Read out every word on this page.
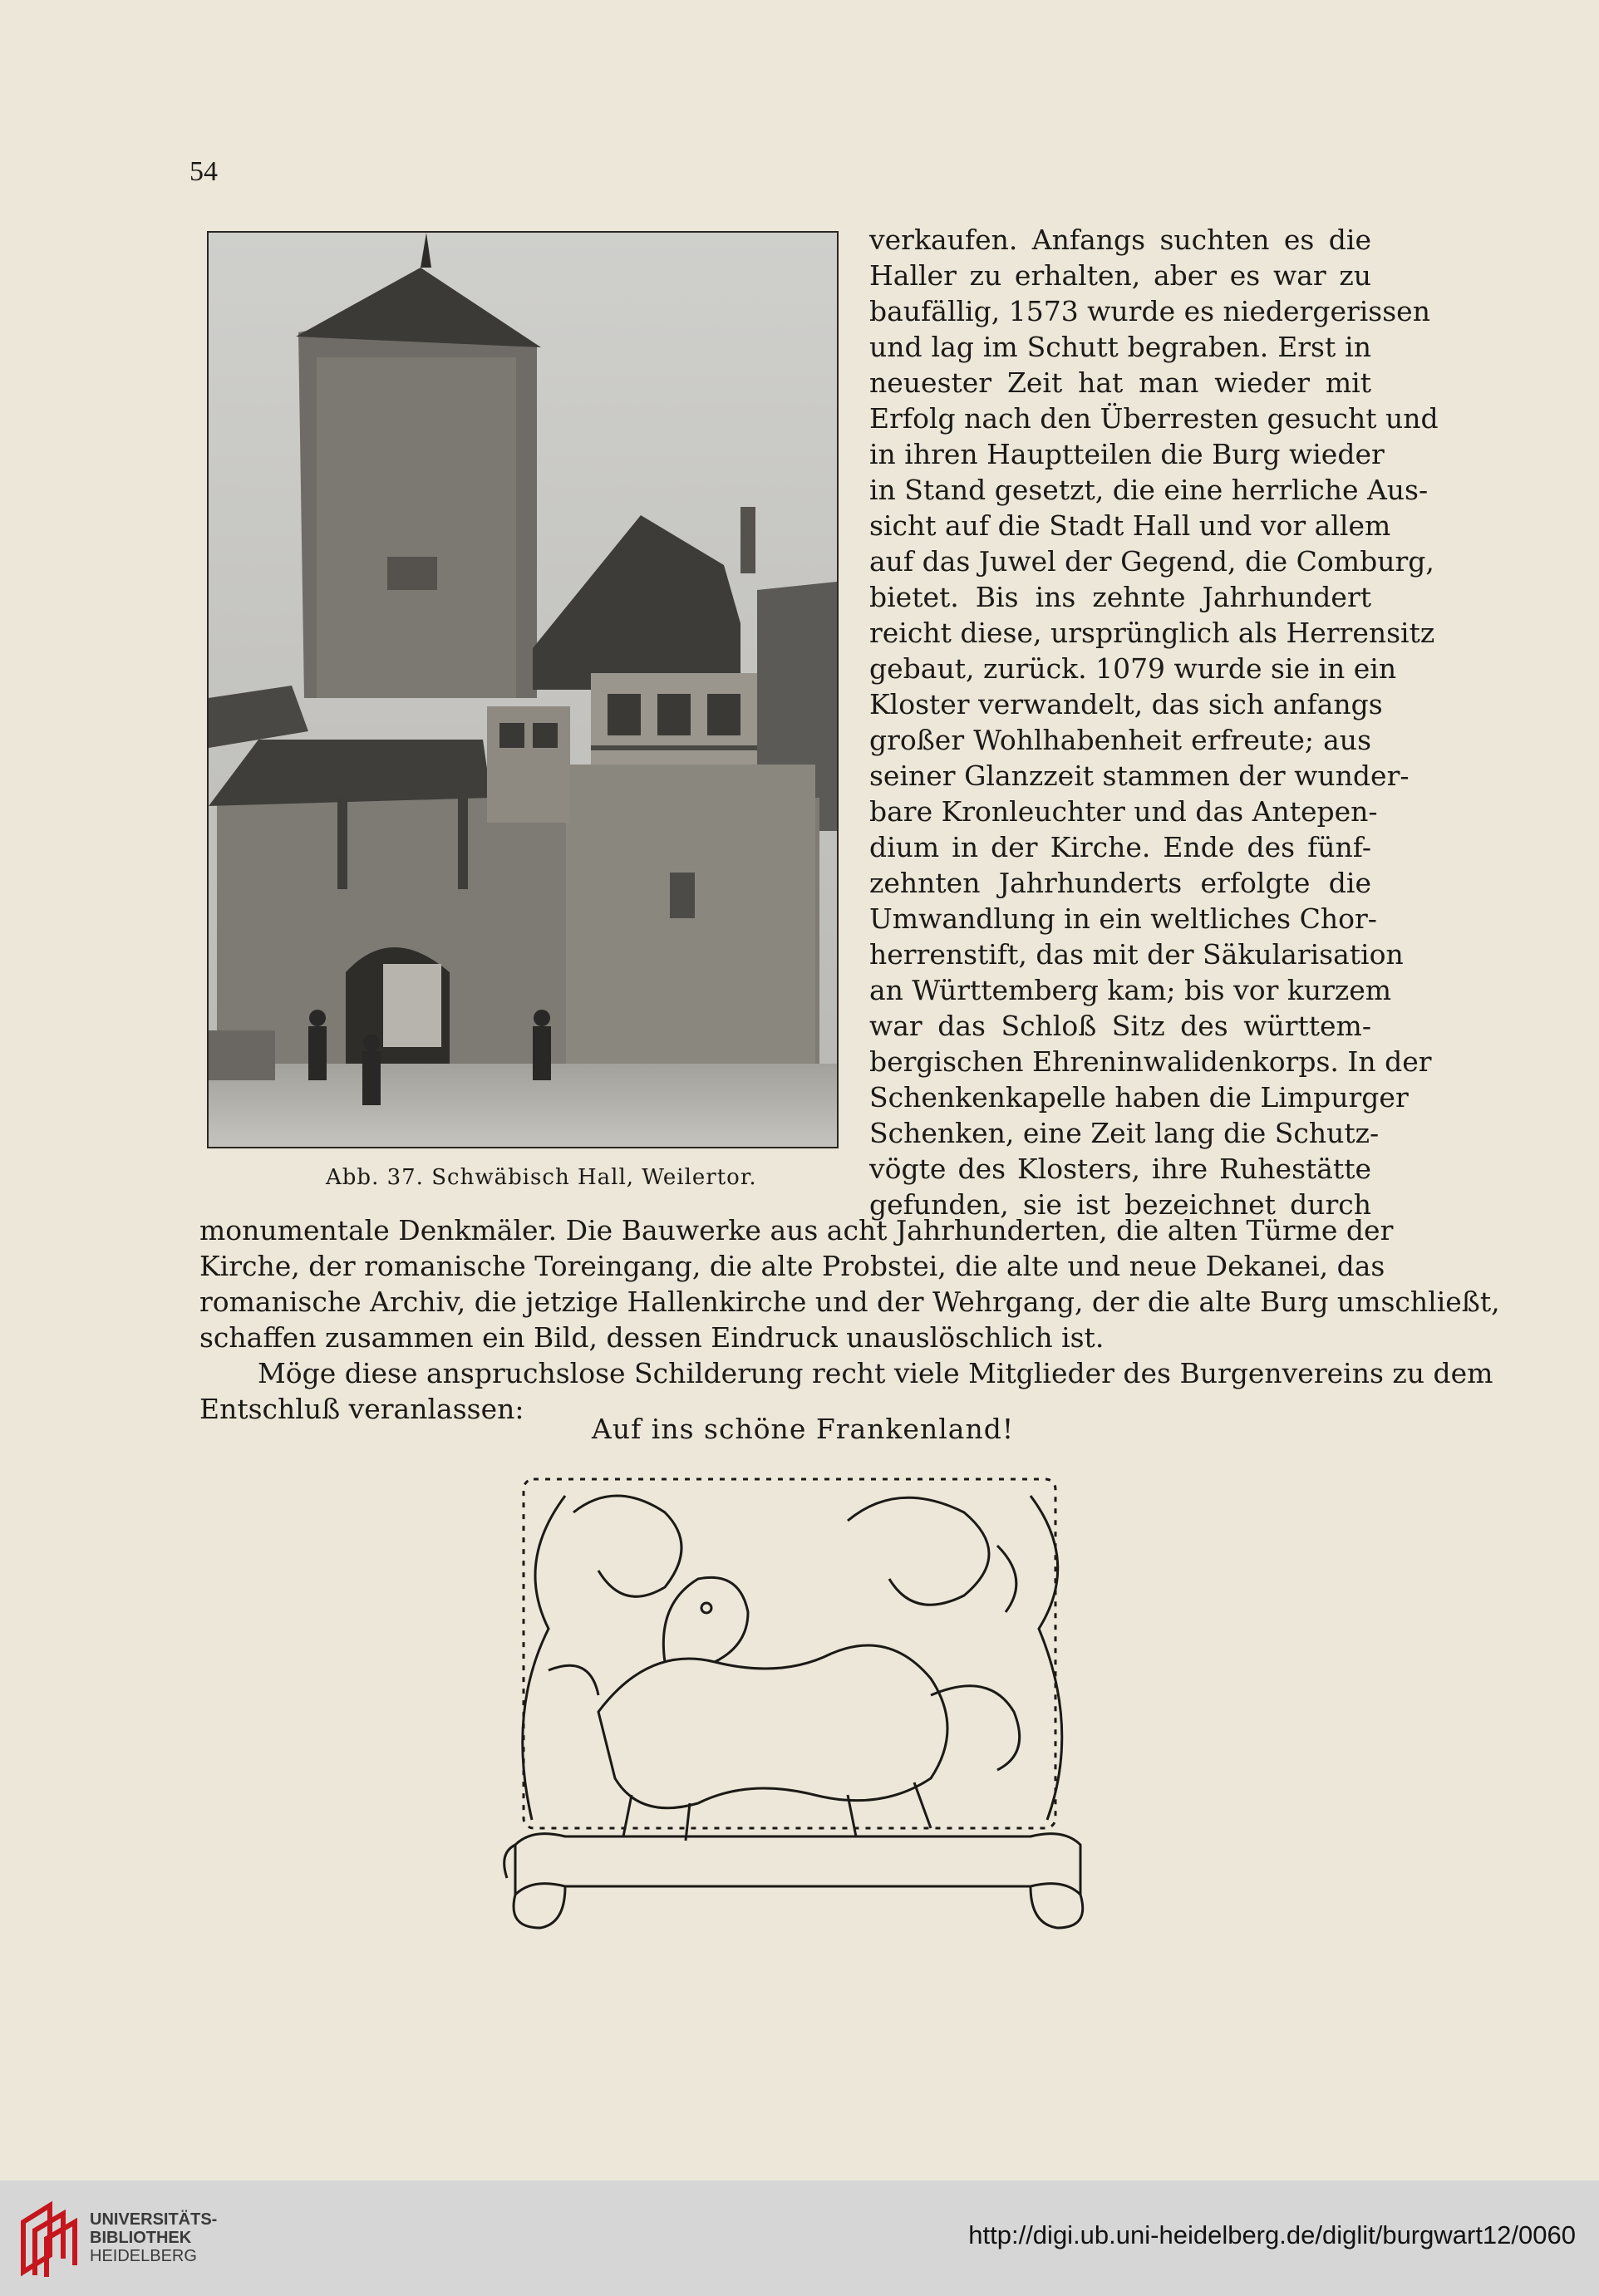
54
Abb. 37. Schwäbisch Hall, Weilertor.
verkaufen. Anfangs suchten es die
Haller zu erhalten, aber es war zu
baufällig, 1573 wurde es niedergerissen
und lag im Schutt begraben. Erst in
neuester Zeit hat man wieder mit
Erfolg nach den Überresten gesucht und
in ihren Hauptteilen die Burg wieder
in Stand gesetzt, die eine herrliche Aus-
sicht auf die Stadt Hall und vor allem
auf das Juwel der Gegend, die Comburg,
bietet. Bis ins zehnte Jahrhundert
reicht diese, ursprünglich als Herrensitz
gebaut, zurück. 1079 wurde sie in ein
Kloster verwandelt, das sich anfangs
großer Wohlhabenheit erfreute; aus
seiner Glanzzeit stammen der wunder-
bare Kronleuchter und das Antepen-
dium in der Kirche. Ende des fünf-
zehnten Jahrhunderts erfolgte die
Umwandlung in ein weltliches Chor-
herrenstift, das mit der Säkularisation
an Württemberg kam; bis vor kurzem
war das Schloß Sitz des württem-
bergischen Ehreninwalidenkorps. In der
Schenkenkapelle haben die Limpurger
Schenken, eine Zeit lang die Schutz-
vögte des Klosters, ihre Ruhestätte
gefunden, sie ist bezeichnet durch
monumentale Denkmäler. Die Bauwerke aus acht Jahrhunderten, die alten Türme der
Kirche, der romanische Toreingang, die alte Probstei, die alte und neue Dekanei, das
romanische Archiv, die jetzige Hallenkirche und der Wehrgang, der die alte Burg umschließt,
schaffen zusammen ein Bild, dessen Eindruck unauslöschlich ist.
Möge diese anspruchslose Schilderung recht viele Mitglieder des Burgenvereins zu dem
Entschluß veranlassen:
Auf ins schöne Frankenland!
UNIVERSITÄTS-
BIBLIOTHEK
HEIDELBERG
http://digi.ub.uni-heidelberg.de/diglit/burgwart12/0060
